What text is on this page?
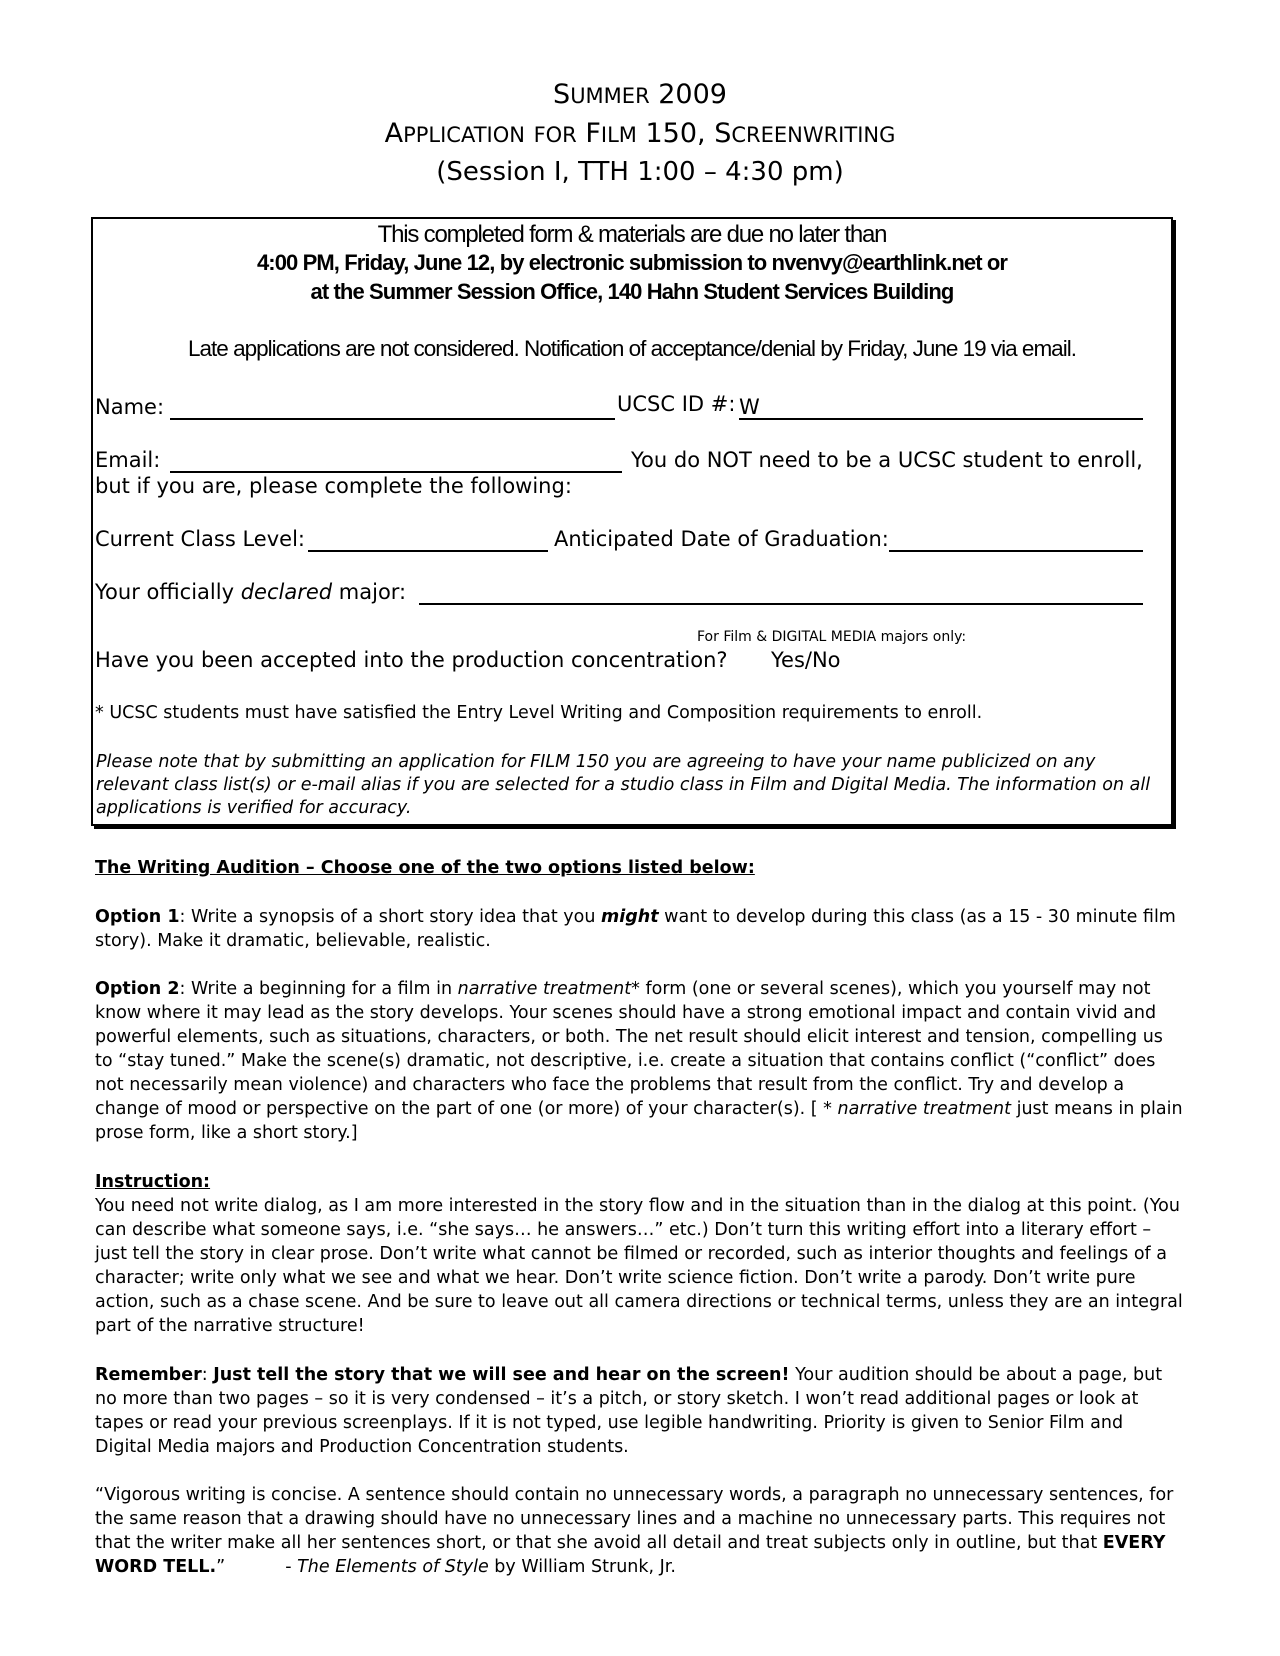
SUMMER 2009
APPLICATION FOR FILM 150, SCREENWRITING
(Session I, TTH 1:00 – 4:30 pm)
This completed form & materials are due no later than
4:00 PM, Friday, June 12, by electronic submission to nvenvy@earthlink.net or
at the Summer Session Office, 140 Hahn Student Services Building
Late applications are not considered. Notification of acceptance/denial by Friday, June 19 via email.
Name:	UCSC ID #: W
Email:	You do NOT need to be a UCSC student to enroll,
but if you are, please complete the following:
Current Class Level:	Anticipated Date of Graduation:
Your officially declared major:
For Film & DIGITAL MEDIA majors only:
Have you been accepted into the production concentration? Yes/No
* UCSC students must have satisfied the Entry Level Writing and Composition requirements to enroll.
Please note that by submitting an application for FILM 150 you are agreeing to have your name publicized on any relevant class list(s) or e-mail alias if you are selected for a studio class in Film and Digital Media. The information on all applications is verified for accuracy.
The Writing Audition – Choose one of the two options listed below:

Option 1: Write a synopsis of a short story idea that you might want to develop during this class (as a 15 - 30 minute film story). Make it dramatic, believable, realistic.

Option 2: Write a beginning for a film in narrative treatment* form (one or several scenes), which you yourself may not know where it may lead as the story develops. Your scenes should have a strong emotional impact and contain vivid and powerful elements, such as situations, characters, or both. The net result should elicit interest and tension, compelling us to “stay tuned.” Make the scene(s) dramatic, not descriptive, i.e. create a situation that contains conflict (“conflict” does not necessarily mean violence) and characters who face the problems that result from the conflict. Try and develop a change of mood or perspective on the part of one (or more) of your character(s). [ * narrative treatment just means in plain prose form, like a short story.]

Instruction:

You need not write dialog, as I am more interested in the story flow and in the situation than in the dialog at this point. (You can describe what someone says, i.e. “she says… he answers…” etc.) Don’t turn this writing effort into a literary effort – just tell the story in clear prose. Don’t write what cannot be filmed or recorded, such as interior thoughts and feelings of a character; write only what we see and what we hear. Don’t write science fiction. Don’t write a parody. Don’t write pure action, such as a chase scene. And be sure to leave out all camera directions or technical terms, unless they are an integral part of the narrative structure!

Remember: Just tell the story that we will see and hear on the screen! Your audition should be about a page, but no more than two pages – so it is very condensed – it’s a pitch, or story sketch. I won’t read additional pages or look at tapes or read your previous screenplays. If it is not typed, use legible handwriting. Priority is given to Senior Film and Digital Media majors and Production Concentration students.

“Vigorous writing is concise. A sentence should contain no unnecessary words, a paragraph no unnecessary sentences, for the same reason that a drawing should have no unnecessary lines and a machine no unnecessary parts. This requires not that the writer make all her sentences short, or that she avoid all detail and treat subjects only in outline, but that EVERY WORD TELL.”	- The Elements of Style by William Strunk, Jr.
